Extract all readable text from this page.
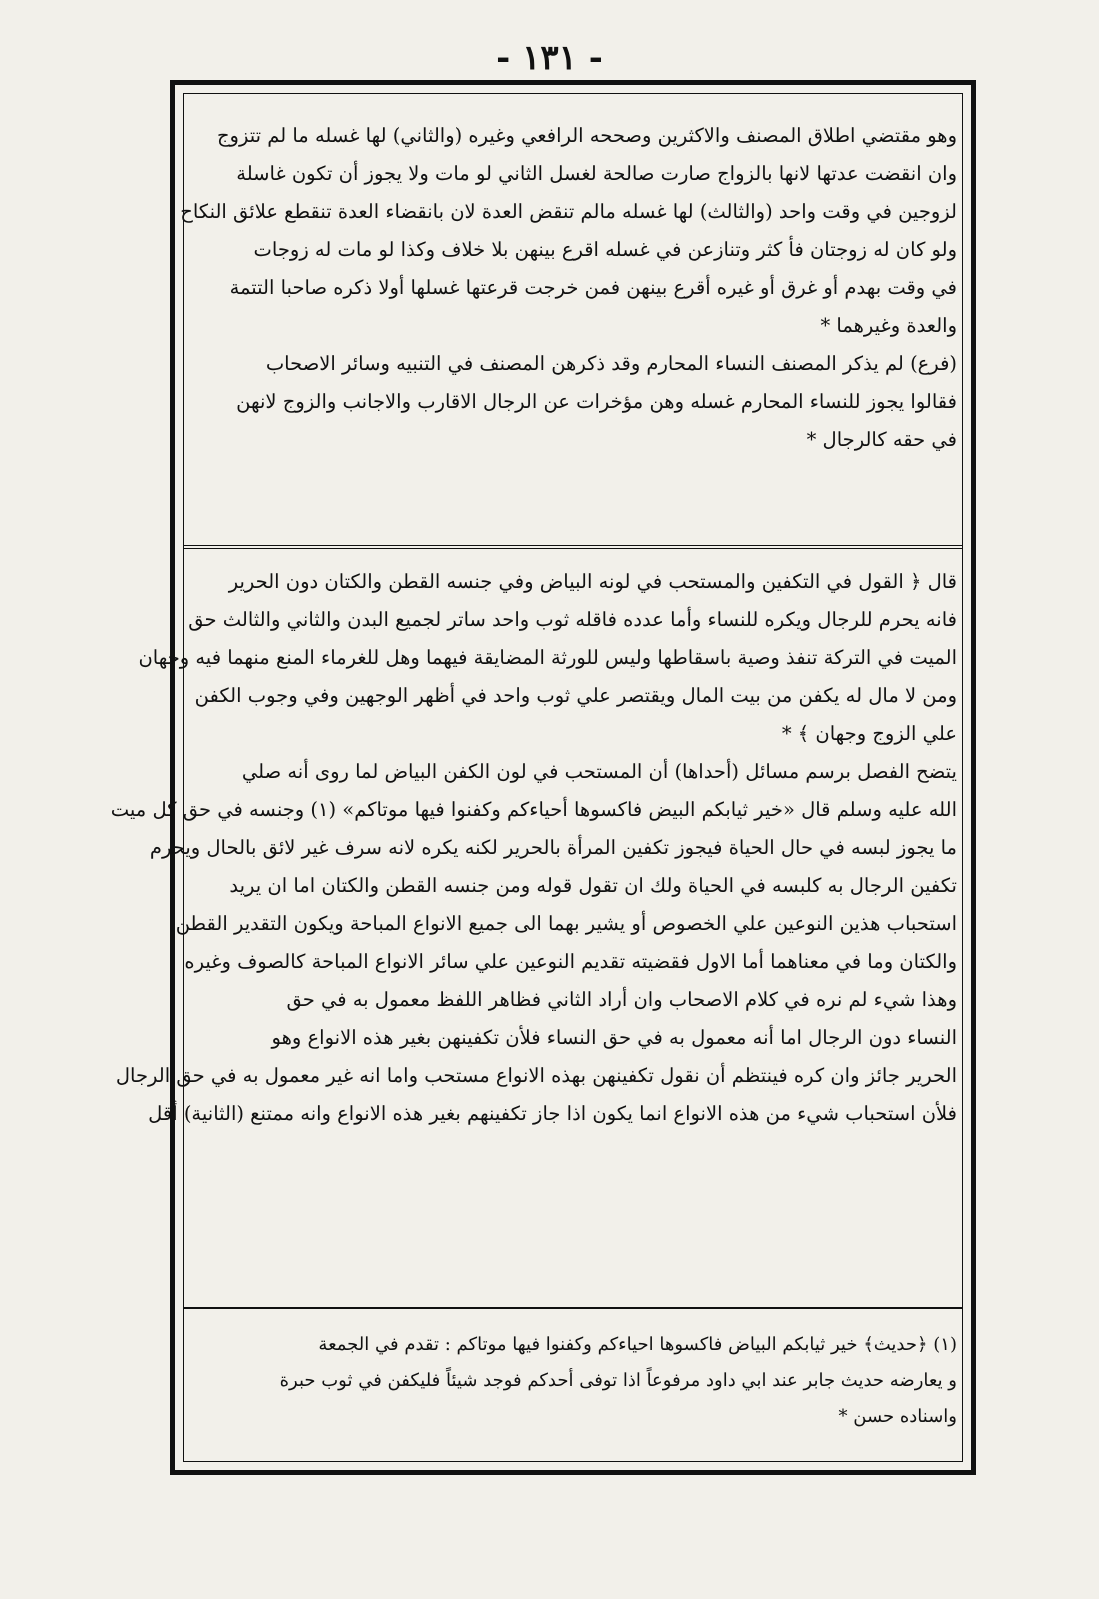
- ١٣١ -
وهو مقتضي اطلاق المصنف والاكثرين وصححه الرافعي وغيره (والثاني) لها غسله ما لم تتزوج
وان انقضت عدتها لانها بالزواج صارت صالحة لغسل الثاني لو مات ولا يجوز أن تكون غاسلة
لزوجين في وقت واحد (والثالث) لها غسله مالم تنقض العدة لان بانقضاء العدة تنقطع علائق النكاح
ولو كان له زوجتان فأ كثر وتنازعن في غسله اقرع بينهن بلا خلاف وكذا لو مات له زوجات
في وقت بهدم أو غرق أو غيره أقرع بينهن فمن خرجت قرعتها غسلها أولا ذكره صاحبا التتمة
والعدة وغيرهما *
(فرع) لم يذكر المصنف النساء المحارم وقد ذكرهن المصنف في التنبيه وسائر الاصحاب
فقالوا يجوز للنساء المحارم غسله وهن مؤخرات عن الرجال الاقارب والاجانب والزوج لانهن
في حقه كالرجال *
قال ﴿ القول في التكفين والمستحب في لونه البياض وفي جنسه القطن والكتان دون الحرير
فانه يحرم للرجال ويكره للنساء وأما عدده فاقله ثوب واحد ساتر لجميع البدن والثاني والثالث حق
الميت في التركة تنفذ وصية باسقاطها وليس للورثة المضايقة فيهما وهل للغرماء المنع منهما فيه وجهان
ومن لا مال له يكفن من بيت المال ويقتصر علي ثوب واحد في أظهر الوجهين وفي وجوب الكفن
علي الزوج وجهان ﴾ *
يتضح الفصل برسم مسائل (أحداها) أن المستحب في لون الكفن البياض لما روى أنه صلي
الله عليه وسلم قال «خير ثيابكم البيض فاكسوها أحياءكم وكفنوا فيها موتاكم» (١) وجنسه في حق كل ميت
ما يجوز لبسه في حال الحياة فيجوز تكفين المرأة بالحرير لكنه يكره لانه سرف غير لائق بالحال ويحرم
تكفين الرجال به كلبسه في الحياة ولك ان تقول قوله ومن جنسه القطن والكتان اما ان يريد
استحباب هذين النوعين علي الخصوص أو يشير بهما الى جميع الانواع المباحة ويكون التقدير القطن
والكتان وما في معناهما أما الاول فقضيته تقديم النوعين علي سائر الانواع المباحة كالصوف وغيره
وهذا شيء لم نره في كلام الاصحاب وان أراد الثاني فظاهر اللفظ معمول به في حق
النساء دون الرجال اما أنه معمول به في حق النساء فلأن تكفينهن بغير هذه الانواع وهو
الحرير جائز وان كره فينتظم أن نقول تكفينهن بهذه الانواع مستحب واما انه غير معمول به في حق الرجال
فلأن استحباب شيء من هذه الانواع انما يكون اذا جاز تكفينهم بغير هذه الانواع وانه ممتنع (الثانية) أقل
(١) ﴿حديث﴾ خير ثيابكم البياض فاكسوها احياءكم وكفنوا فيها موتاكم : تقدم في الجمعة
و يعارضه حديث جابر عند ابي داود مرفوعاً اذا توفى أحدكم فوجد شيئاً فليكفن في ثوب حبرة
واسناده حسن *
